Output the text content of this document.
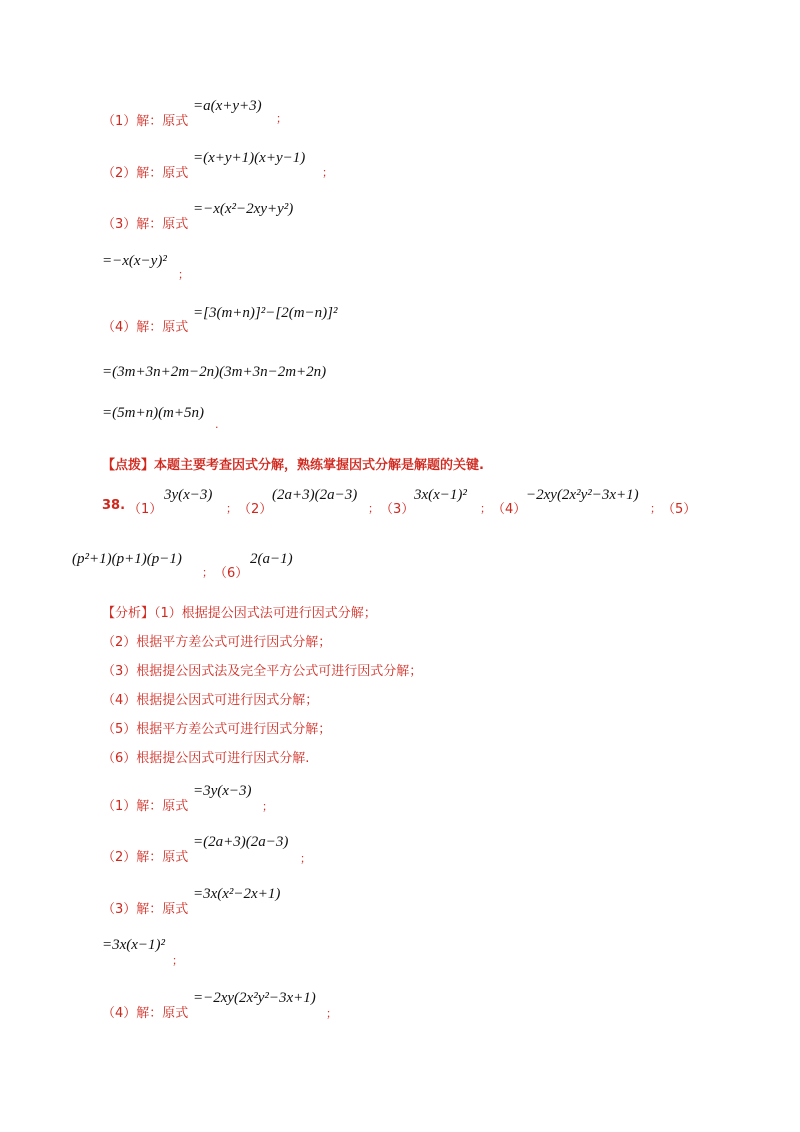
（1）解：原式
=a(x+y+3)
；
（2）解：原式
=(x+y+1)(x+y−1)
；
（3）解：原式
=−x(x²−2xy+y²)
=−x(x−y)²
；
（4）解：原式
=[3(m+n)]²−[2(m−n)]²
=(3m+3n+2m−2n)(3m+3n−2m+2n)
=(5m+n)(m+5n)
.
【点拨】本题主要考查因式分解，熟练掌握因式分解是解题的关键.
38. （1）
3y(x−3)
； （2）
(2a+3)(2a−3)
； （3）
3x(x−1)²
； （4）
−2xy(2x²y²−3x+1)
； （5）
(p²+1)(p+1)(p−1)
； （6）
2(a−1)
【分析】（1）根据提公因式法可进行因式分解；
（2）根据平方差公式可进行因式分解；
（3）根据提公因式法及完全平方公式可进行因式分解；
（4）根据提公因式可进行因式分解；
（5）根据平方差公式可进行因式分解；
（6）根据提公因式可进行因式分解.
（1）解：原式
=3y(x−3)
；
（2）解：原式
=(2a+3)(2a−3)
；
（3）解：原式
=3x(x²−2x+1)
=3x(x−1)²
；
（4）解：原式
=−2xy(2x²y²−3x+1)
；
